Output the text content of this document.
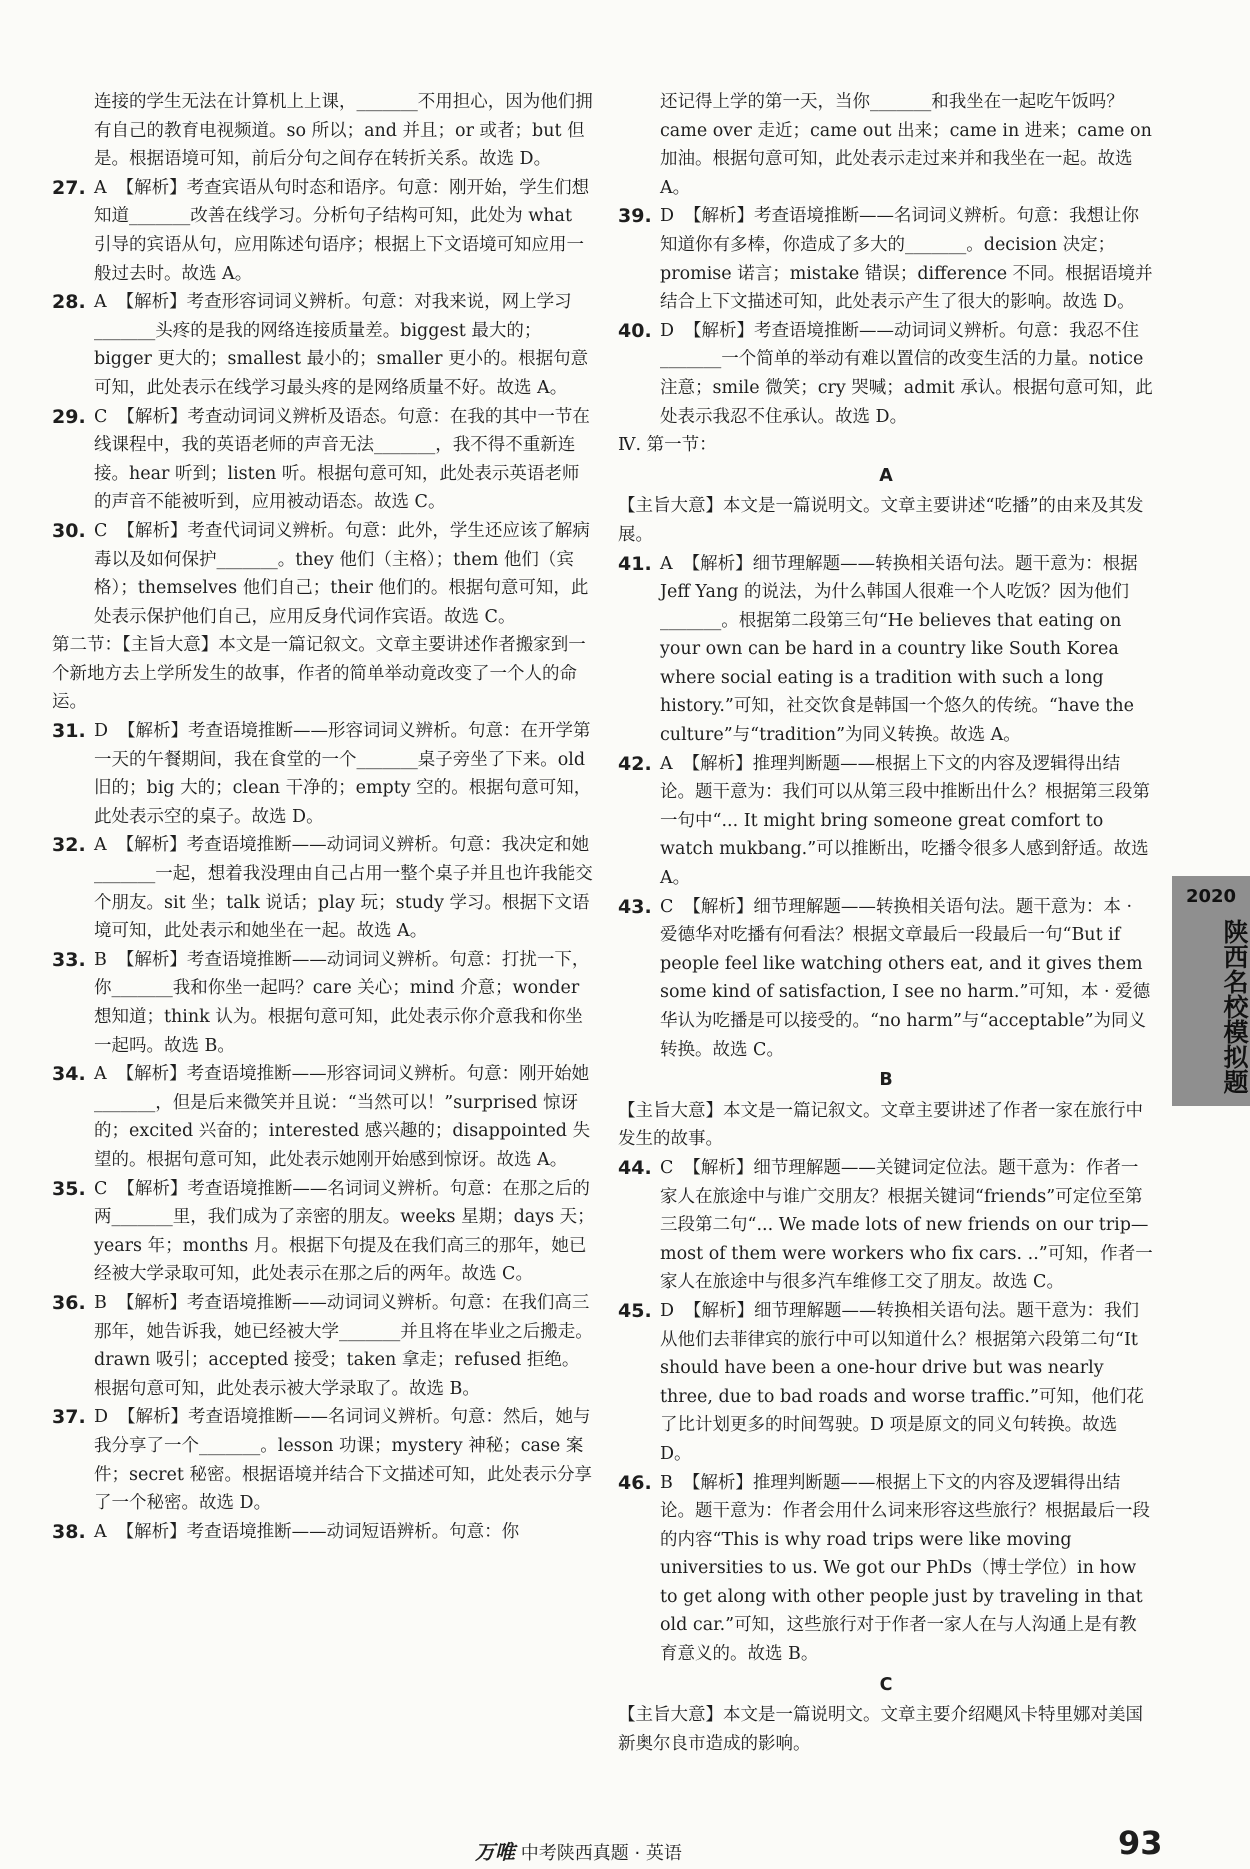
连接的学生无法在计算机上上课，_______不用担心，因为他们拥有自己的教育电视频道。so 所以；and 并且；or 或者；but 但是。根据语境可知，前后分句之间存在转折关系。故选 D。

27. A 【解析】考查宾语从句时态和语序。句意：刚开始，学生们想知道_______改善在线学习。分析句子结构可知，此处为 what 引导的宾语从句，应用陈述句语序；根据上下文语境可知应用一般过去时。故选 A。

28. A 【解析】考查形容词词义辨析。句意：对我来说，网上学习_______头疼的是我的网络连接质量差。biggest 最大的；bigger 更大的；smallest 最小的；smaller 更小的。根据句意可知，此处表示在线学习最头疼的是网络质量不好。故选 A。

29. C 【解析】考查动词词义辨析及语态。句意：在我的其中一节在线课程中，我的英语老师的声音无法_______，我不得不重新连接。hear 听到；listen 听。根据句意可知，此处表示英语老师的声音不能被听到，应用被动语态。故选 C。

30. C 【解析】考查代词词义辨析。句意：此外，学生还应该了解病毒以及如何保护_______。they 他们（主格）；them 他们（宾格）；themselves 他们自己；their 他们的。根据句意可知，此处表示保护他们自己，应用反身代词作宾语。故选 C。

第二节：【主旨大意】本文是一篇记叙文。文章主要讲述作者搬家到一个新地方去上学所发生的故事，作者的简单举动竟改变了一个人的命运。

31. D 【解析】考查语境推断——形容词词义辨析。句意：在开学第一天的午餐期间，我在食堂的一个_______桌子旁坐了下来。old 旧的；big 大的；clean 干净的；empty 空的。根据句意可知，此处表示空的桌子。故选 D。

32. A 【解析】考查语境推断——动词词义辨析。句意：我决定和她_______一起，想着我没理由自己占用一整个桌子并且也许我能交个朋友。sit 坐；talk 说话；play 玩；study 学习。根据下文语境可知，此处表示和她坐在一起。故选 A。

33. B 【解析】考查语境推断——动词词义辨析。句意：打扰一下，你_______我和你坐一起吗？care 关心；mind 介意；wonder 想知道；think 认为。根据句意可知，此处表示你介意我和你坐一起吗。故选 B。

34. A 【解析】考查语境推断——形容词词义辨析。句意：刚开始她_______，但是后来微笑并且说：“当然可以！”surprised 惊讶的；excited 兴奋的；interested 感兴趣的；disappointed 失望的。根据句意可知，此处表示她刚开始感到惊讶。故选 A。

35. C 【解析】考查语境推断——名词词义辨析。句意：在那之后的两_______里，我们成为了亲密的朋友。weeks 星期；days 天；years 年；months 月。根据下句提及在我们高三的那年，她已经被大学录取可知，此处表示在那之后的两年。故选 C。

36. B 【解析】考查语境推断——动词词义辨析。句意：在我们高三那年，她告诉我，她已经被大学_______并且将在毕业之后搬走。drawn 吸引；accepted 接受；taken 拿走；refused 拒绝。根据句意可知，此处表示被大学录取了。故选 B。

37. D 【解析】考查语境推断——名词词义辨析。句意：然后，她与我分享了一个_______。lesson 功课；mystery 神秘；case 案件；secret 秘密。根据语境并结合下文描述可知，此处表示分享了一个秘密。故选 D。

38. A 【解析】考查语境推断——动词短语辨析。句意：你

还记得上学的第一天，当你_______和我坐在一起吃午饭吗？came over 走近；came out 出来；came in 进来；came on 加油。根据句意可知，此处表示走过来并和我坐在一起。故选 A。

39. D 【解析】考查语境推断——名词词义辨析。句意：我想让你知道你有多棒，你造成了多大的_______。decision 决定；promise 诺言；mistake 错误；difference 不同。根据语境并结合上下文描述可知，此处表示产生了很大的影响。故选 D。

40. D 【解析】考查语境推断——动词词义辨析。句意：我忍不住_______一个简单的举动有难以置信的改变生活的力量。notice 注意；smile 微笑；cry 哭喊；admit 承认。根据句意可知，此处表示我忍不住承认。故选 D。

Ⅳ. 第一节：

A

【主旨大意】本文是一篇说明文。文章主要讲述“吃播”的由来及其发展。

41. A 【解析】细节理解题——转换相关语句法。题干意为：根据 Jeff Yang 的说法，为什么韩国人很难一个人吃饭？因为他们_______。根据第二段第三句“He believes that eating on your own can be hard in a country like South Korea where social eating is a tradition with such a long history.”可知，社交饮食是韩国一个悠久的传统。“have the culture”与“tradition”为同义转换。故选 A。

42. A 【解析】推理判断题——根据上下文的内容及逻辑得出结论。题干意为：我们可以从第三段中推断出什么？根据第三段第一句中“... It might bring someone great comfort to watch mukbang.”可以推断出，吃播令很多人感到舒适。故选 A。

43. C 【解析】细节理解题——转换相关语句法。题干意为：本 · 爱德华对吃播有何看法？根据文章最后一段最后一句“But if people feel like watching others eat, and it gives them some kind of satisfaction, I see no harm.”可知，本 · 爱德华认为吃播是可以接受的。“no harm”与“acceptable”为同义转换。故选 C。

B

【主旨大意】本文是一篇记叙文。文章主要讲述了作者一家在旅行中发生的故事。

44. C 【解析】细节理解题——关键词定位法。题干意为：作者一家人在旅途中与谁广交朋友？根据关键词“friends”可定位至第三段第二句“... We made lots of new friends on our trip—most of them were workers who fix cars. ..”可知，作者一家人在旅途中与很多汽车维修工交了朋友。故选 C。

45. D 【解析】细节理解题——转换相关语句法。题干意为：我们从他们去菲律宾的旅行中可以知道什么？根据第六段第二句“It should have been a one-hour drive but was nearly three, due to bad roads and worse traffic.”可知，他们花了比计划更多的时间驾驶。D 项是原文的同义句转换。故选 D。

46. B 【解析】推理判断题——根据上下文的内容及逻辑得出结论。题干意为：作者会用什么词来形容这些旅行？根据最后一段的内容“This is why road trips were like moving universities to us. We got our PhDs（博士学位）in how to get along with other people just by traveling in that old car.”可知，这些旅行对于作者一家人在与人沟通上是有教育意义的。故选 B。

C

【主旨大意】本文是一篇说明文。文章主要介绍飓风卡特里娜对美国新奥尔良市造成的影响。

2020
陕西名校模拟题
万唯 中考陕西真题 · 英语	93
